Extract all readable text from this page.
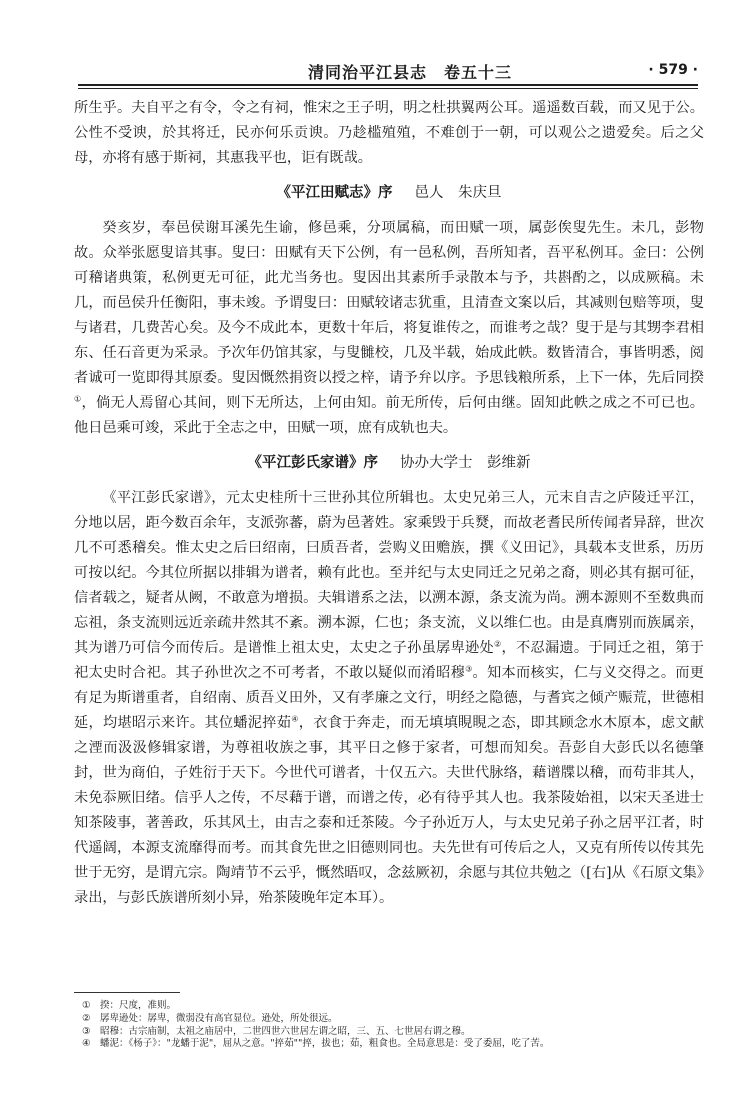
清同治平江县志　卷五十三	· 579 ·

所生乎。夫自平之有令，令之有祠，惟宋之王子明，明之杜拱翼两公耳。遥遥数百载，而又见于公。公性不受谀，於其将迁，民亦何乐贡谀。乃趁槛殖殖，不难创于一朝，可以观公之遗爱矣。后之父母，亦将有感于斯祠，其惠我平也，讵有既哉。

《平江田赋志》序 邑人　朱庆旦

癸亥岁，奉邑侯谢耳溪先生谕，修邑乘，分项属稿，而田赋一项，属彭俟叟先生。未几，彭物故。众举张愿叟谙其事。叟曰：田赋有天下公例，有一邑私例，吾所知者，吾平私例耳。金曰：公例可稽诸典策，私例更无可征，此尤当务也。叟因出其素所手录散本与予，共斟酌之，以成厥稿。未几，而邑侯升任衡阳，事未竣。予谓叟曰：田赋较诸志犹重，且清查文案以后，其减则包赔等项，叟与诸君，几费苦心矣。及今不成此本，更数十年后，将复谁传之，而谁考之哉？叟于是与其甥李君相东、任石音更为采录。予次年仍馆其家，与叟雠校，几及半载，始成此帙。数皆清合，事皆明悉，阅者诚可一览即得其原委。叟因慨然捐资以授之梓，请予弁以序。予思钱粮所系，上下一体，先后同揆①，倘无人焉留心其间，则下无所达，上何由知。前无所传，后何由继。固知此帙之成之不可已也。他日邑乘可竣，采此于全志之中，田赋一项，庶有成轨也夫。

《平江彭氏家谱》序 协办大学士　彭维新

《平江彭氏家谱》，元太史桂所十三世孙其位所辑也。太史兄弟三人，元末自吉之庐陵迁平江，分地以居，距今数百余年，支派弥蕃，蔚为邑著姓。家乘毁于兵燹，而故老耆民所传闻者异辞，世次几不可悉稽矣。惟太史之后曰绍南，曰质吾者，尝购义田赡族，撰《义田记》，具载本支世系，历历可按以纪。今其位所据以排辑为谱者，赖有此也。至并纪与太史同迁之兄弟之裔，则必其有据可征，信者载之，疑者从阙，不敢意为增损。夫辑谱系之法，以溯本源，条支流为尚。溯本源则不至数典而忘祖，条支流则远近亲疏井然其不紊。溯本源，仁也；条支流，义以维仁也。由是真膺别而族属亲，其为谱乃可信今而传后。是谱惟上祖太史，太史之子孙虽孱卑逊处②，不忍漏遗。于同迁之祖，第于祀太史时合祀。其子孙世次之不可考者，不敢以疑似而淆昭穆③。知本而核实，仁与义交得之。而更有足为斯谱重者，自绍南、质吾义田外，又有孝廉之文行，明经之隐德，与耆宾之倾产赈荒，世德相延，均堪昭示来许。其位蟠泥捽茹④，衣食于奔走，而无填填睍睍之态，即其顾念水木原本，虑文献之湮而汲汲修辑家谱，为尊祖收族之事，其平日之修于家者，可想而知矣。吾彭自大彭氏以名德肇封，世为商伯，子姓衍于天下。今世代可谱者，十仅五六。夫世代脉络，藉谱牒以稽，而苟非其人，未免忝厥旧绪。信乎人之传，不尽藉于谱，而谱之传，必有待乎其人也。我茶陵始祖，以宋天圣进士知茶陵事，著善政，乐其风土，由吉之泰和迁茶陵。今子孙近万人，与太史兄弟子孙之居平江者，时代遥阔，本源支流靡得而考。而其食先世之旧德则同也。夫先世有可传后之人，又克有所传以传其先世于无穷，是谓亢宗。陶靖节不云乎，慨然晤叹，念兹厥初，余愿与其位共勉之（[右]从《石原文集》录出，与彭氏族谱所刻小异，殆茶陵晚年定本耳）。

① 揆：尺度，准则。
② 孱卑逊处：孱卑，微弱没有高官显位。逊处，所处很远。
③ 昭穆：古宗庙制，太祖之庙居中，二世四世六世居左谓之昭，三、五、七世居右谓之穆。
④ 蟠泥：《杨子》："龙蟠于泥"，屈从之意。"捽茹""捽，拔也；茹，粗食也。全局意思是：受了委屈，吃了苦。
